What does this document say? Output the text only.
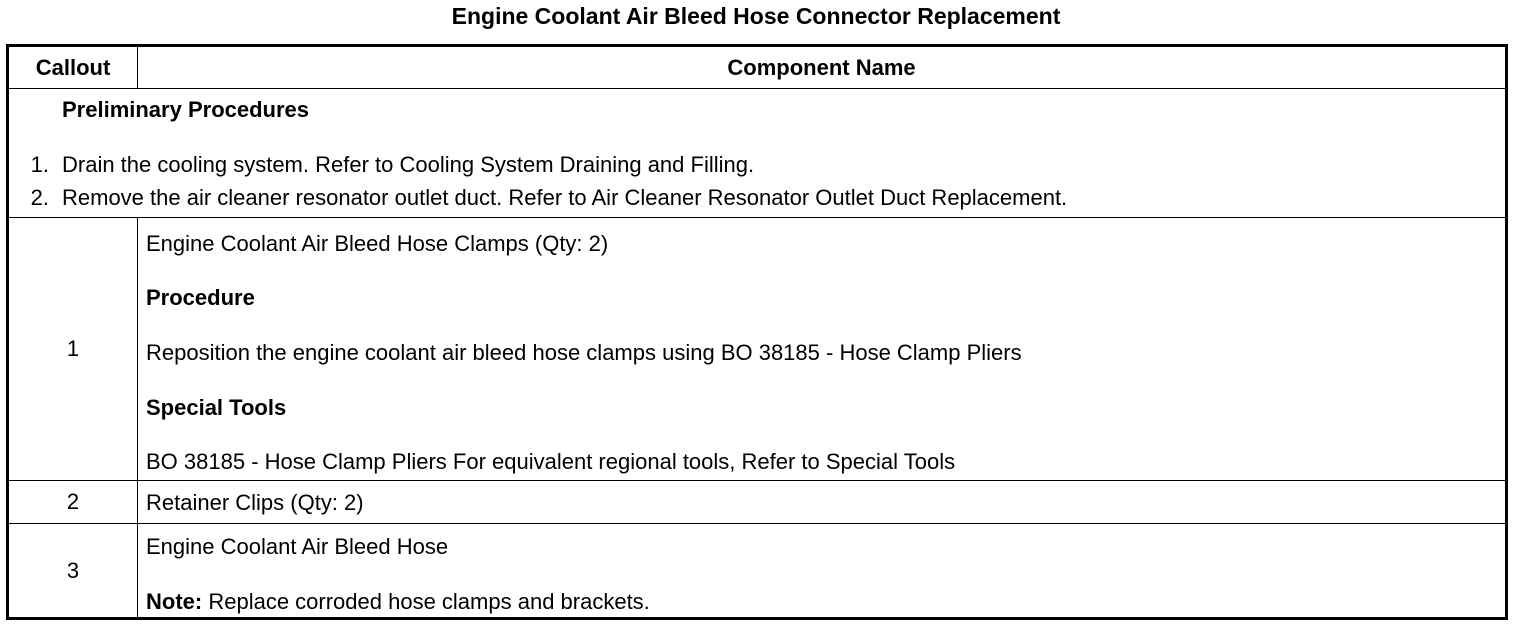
Engine Coolant Air Bleed Hose Connector Replacement
Callout	Component Name
Preliminary Procedures
1. Drain the cooling system. Refer to Cooling System Draining and Filling.
2. Remove the air cleaner resonator outlet duct. Refer to Air Cleaner Resonator Outlet Duct Replacement.
1
Engine Coolant Air Bleed Hose Clamps (Qty: 2)
Procedure
Reposition the engine coolant air bleed hose clamps using BO 38185 - Hose Clamp Pliers
Special Tools
BO 38185 - Hose Clamp Pliers For equivalent regional tools, Refer to Special Tools
2	Retainer Clips (Qty: 2)
3
Engine Coolant Air Bleed Hose
Note: Replace corroded hose clamps and brackets.
